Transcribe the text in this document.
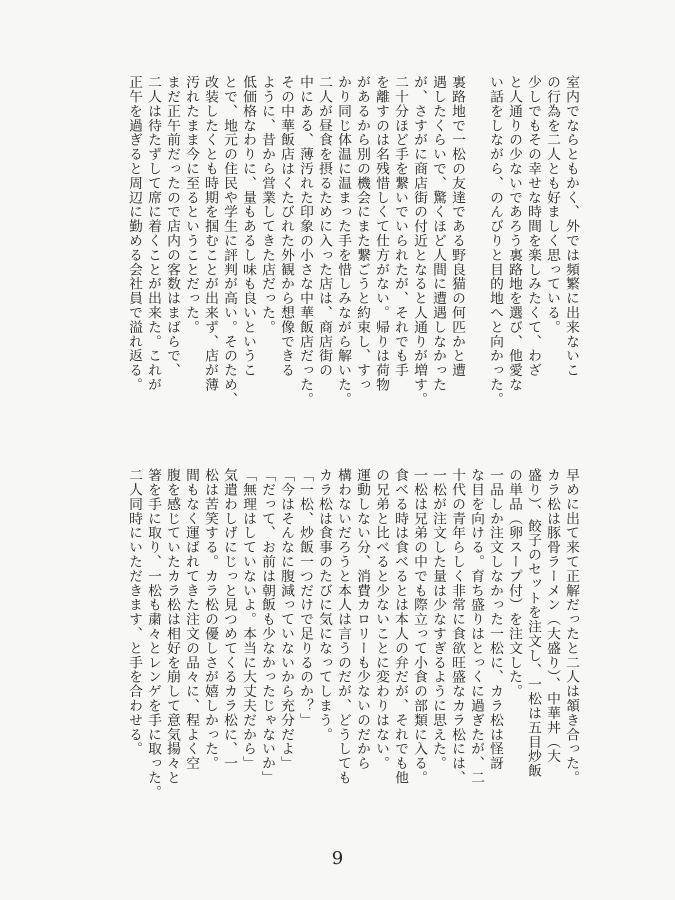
室内でならともかく、外では頻繁に出来ないこ
の行為を二人とも好ましく思っている。
少しでもその幸せな時間を楽しみたくて、わざ
と人通りの少ないであろう裏路地を選び、他愛な
い話をしながら、のんびりと目的地へと向かった。

裏路地で一松の友達である野良猫の何匹かと遭
遇したくらいで、驚くほど人間に遭遇しなかった
が、さすがに商店街の付近となると人通りが増す。
二十分ほど手を繋いでいられたが、それでも手
を離すのは名残惜しくて仕方がない。帰りは荷物
があるから別の機会にまた繋ごうと約束し、すっ
かり同じ体温に温まった手を惜しみながら解いた。
二人が昼食を摂るために入った店は、商店街の
中にある、薄汚れた印象の小さな中華飯店だった。
その中華飯店はくたびれた外観から想像できる
ように、昔から営業してきた店だった。
低価格なわりに、量もあるし味も良いというこ
とで、地元の住民や学生に評判が高い。そのため、
改装したくとも時期を掴むことが出来ず、店が薄
汚れたまま今に至るということだった。
まだ正午前だったので店内の客数はまばらで、
二人は待たずして席に着くことが出来た。これが
正午を過ぎると周辺に勤める会社員で溢れ返る。
早めに出て来て正解だったと二人は頷き合った。
カラ松は豚骨ラーメン（大盛り）、中華丼（大
盛り）、餃子のセットを注文し、一松は五目炒飯
の単品（卵スープ付）を注文した。
一品しか注文しなかった一松に、カラ松は怪訝
な目を向ける。育ち盛りはとっくに過ぎたが、二
十代の青年らしく非常に食欲旺盛なカラ松には、
一松が注文した量は少なすぎるように思えた。
一松は兄弟の中でも際立って小食の部類に入る。
食べる時は食べるとは本人の弁だが、それでも他
の兄弟と比べると少ないことに変わりはない。
運動しない分、消費カロリーも少ないのだから
構わないだろうと本人は言うのだが、どうしても
カラ松は食事のたびに気になってしまう。
「一松、炒飯一つだけで足りるのか？」
「今はそんなに腹減っていないから充分だよ」
「だって、お前は朝飯も少なかったじゃないか」
「無理はしていないよ。本当に大丈夫だから」
気遣わしげにじっと見つめてくるカラ松に、一
松は苦笑する。カラ松の優しさが嬉しかった。
間もなく運ばれてきた注文の品々に、程よく空
腹を感じていたカラ松は相好を崩して意気揚々と
箸を手に取り、一松も粛々とレンゲを手に取った。
二人同時にいただきます、と手を合わせる。
9
